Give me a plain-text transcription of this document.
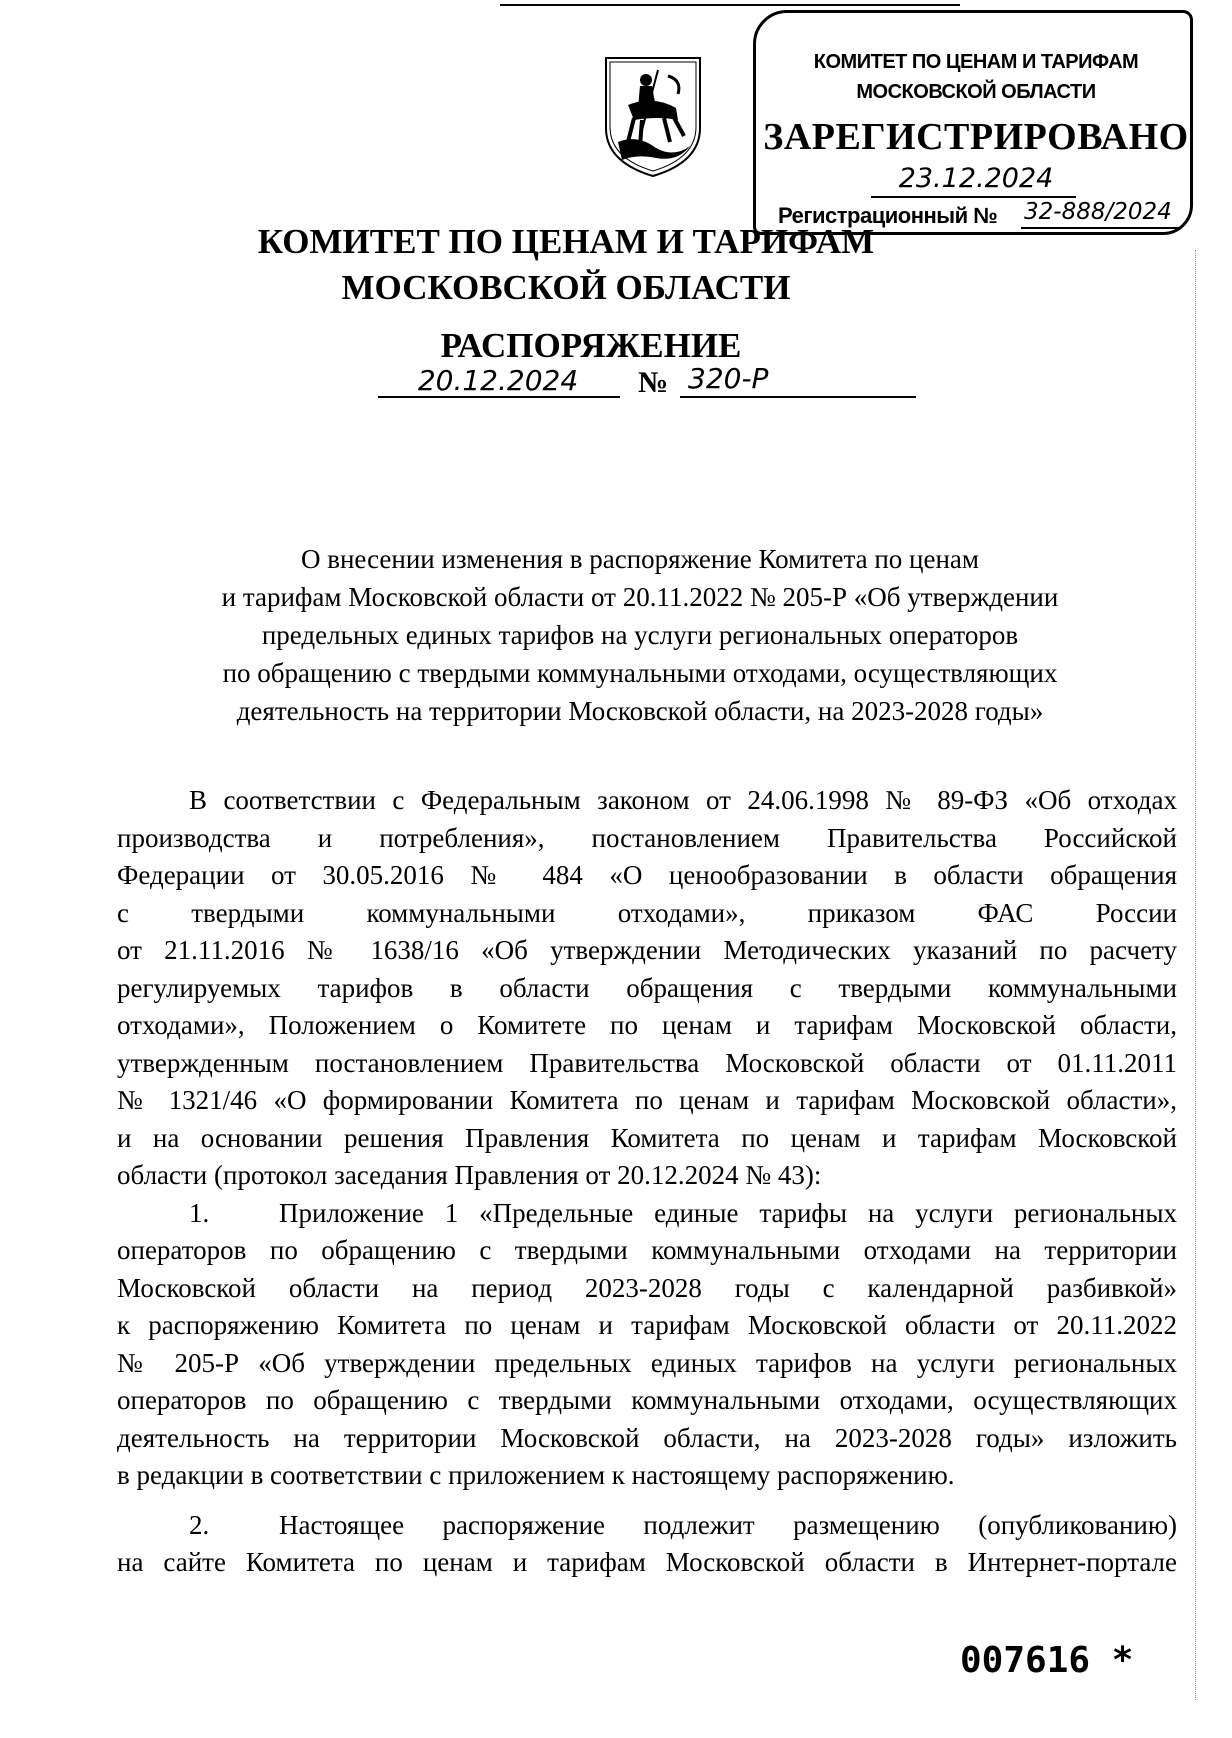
КОМИТЕТ ПО ЦЕНАМ И ТАРИФАМ
МОСКОВСКОЙ ОБЛАСТИ
ЗАРЕГИСТРИРОВАНО
23.12.2024
Регистрационный № 32-888/2024
КОМИТЕТ ПО ЦЕНАМ И ТАРИФАМ
МОСКОВСКОЙ ОБЛАСТИ
РАСПОРЯЖЕНИЕ
20.12.2024	№ 320-Р
О внесении изменения в распоряжение Комитета по ценам
и тарифам Московской области от 20.11.2022 № 205-Р «Об утверждении
предельных единых тарифов на услуги региональных операторов
по обращению с твердыми коммунальными отходами, осуществляющих
деятельность на территории Московской области, на 2023-2028 годы»
В соответствии с Федеральным законом от 24.06.1998 № 89-ФЗ «Об отходах
производства и потребления», постановлением Правительства Российской
Федерации от 30.05.2016 № 484 «О ценообразовании в области обращения
с твердыми коммунальными отходами», приказом ФАС России
от 21.11.2016 № 1638/16 «Об утверждении Методических указаний по расчету
регулируемых тарифов в области обращения с твердыми коммунальными
отходами», Положением о Комитете по ценам и тарифам Московской области,
утвержденным постановлением Правительства Московской области от 01.11.2011
№ 1321/46 «О формировании Комитета по ценам и тарифам Московской области»,
и на основании решения Правления Комитета по ценам и тарифам Московской
области (протокол заседания Правления от 20.12.2024 № 43):
1.	Приложение 1 «Предельные единые тарифы на услуги региональных
операторов по обращению с твердыми коммунальными отходами на территории
Московской области на период 2023-2028 годы с календарной разбивкой»
к распоряжению Комитета по ценам и тарифам Московской области от 20.11.2022
№ 205-Р «Об утверждении предельных единых тарифов на услуги региональных
операторов по обращению с твердыми коммунальными отходами, осуществляющих
деятельность на территории Московской области, на 2023-2028 годы» изложить
в редакции в соответствии с приложением к настоящему распоряжению.
2.	Настоящее распоряжение подлежит размещению (опубликованию)
на сайте Комитета по ценам и тарифам Московской области в Интернет-портале
007616 *
